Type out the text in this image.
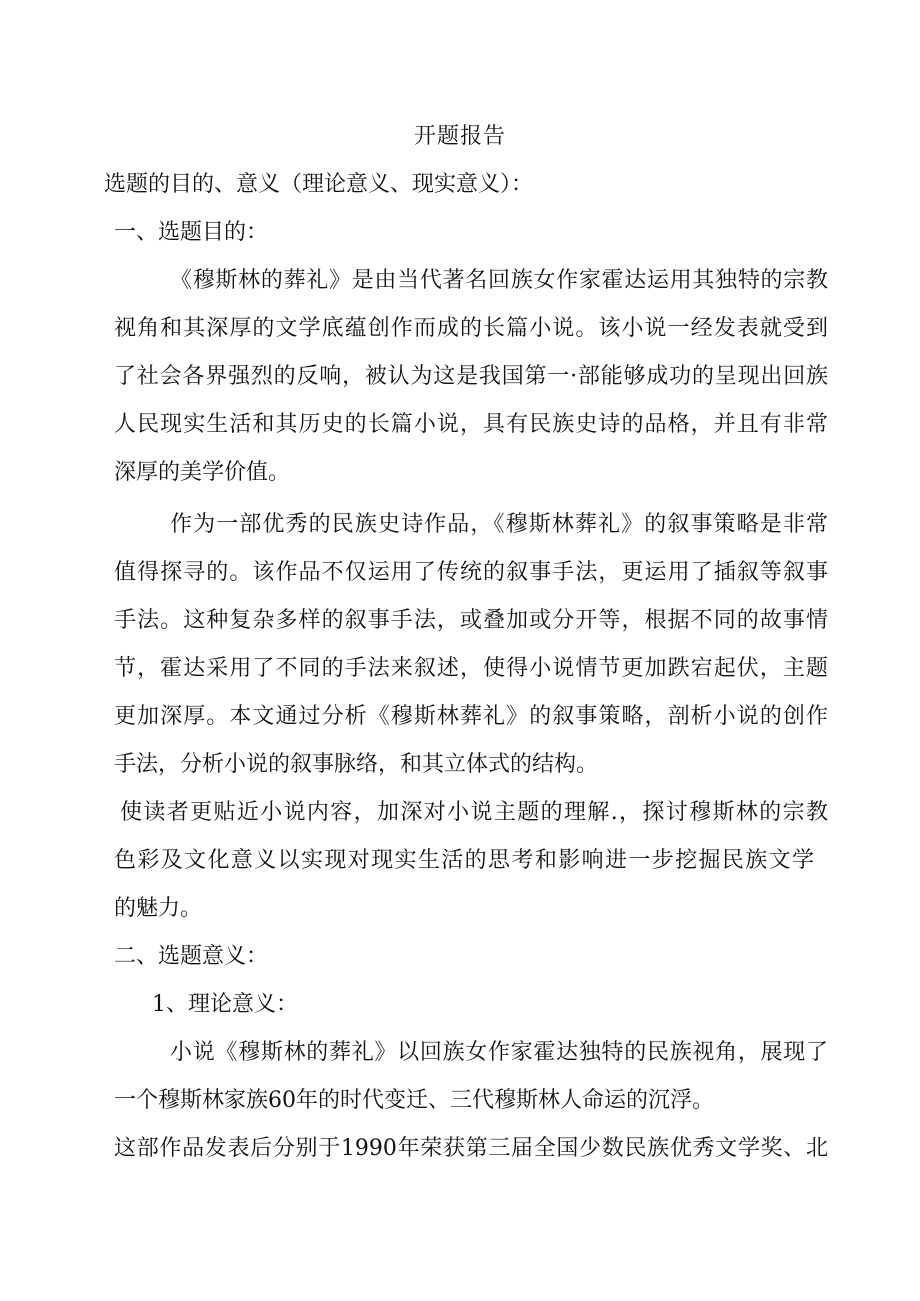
开题报告
选题的目的、意义（理论意义、现实意义）：
一、选题目的：
《穆斯林的葬礼》是由当代著名回族女作家霍达运用其独特的宗教
视角和其深厚的文学底蕴创作而成的长篇小说。该小说一经发表就受到
了社会各界强烈的反响，被认为这是我国第一·部能够成功的呈现出回族
人民现实生活和其历史的长篇小说，具有民族史诗的品格，并且有非常
深厚的美学价值。
作为一部优秀的民族史诗作品，《穆斯林葬礼》的叙事策略是非常
值得探寻的。该作品不仅运用了传统的叙事手法，更运用了插叙等叙事
手法。这种复杂多样的叙事手法，或叠加或分开等，根据不同的故事情
节，霍达采用了不同的手法来叙述，使得小说情节更加跌宕起伏，主题
更加深厚。本文通过分析《穆斯林葬礼》的叙事策略，剖析小说的创作
手法，分析小说的叙事脉络，和其立体式的结构。
使读者更贴近小说内容，加深对小说主题的理解.，探讨穆斯林的宗教
色彩及文化意义以实现对现实生活的思考和影响进一步挖掘民族文学
的魅力。
二、选题意义：
1、理论意义：
小说《穆斯林的葬礼》以回族女作家霍达独特的民族视角，展现了
一个穆斯林家族60年的时代变迁、三代穆斯林人命运的沉浮。
这部作品发表后分别于1990年荣获第三届全国少数民族优秀文学奖、北
